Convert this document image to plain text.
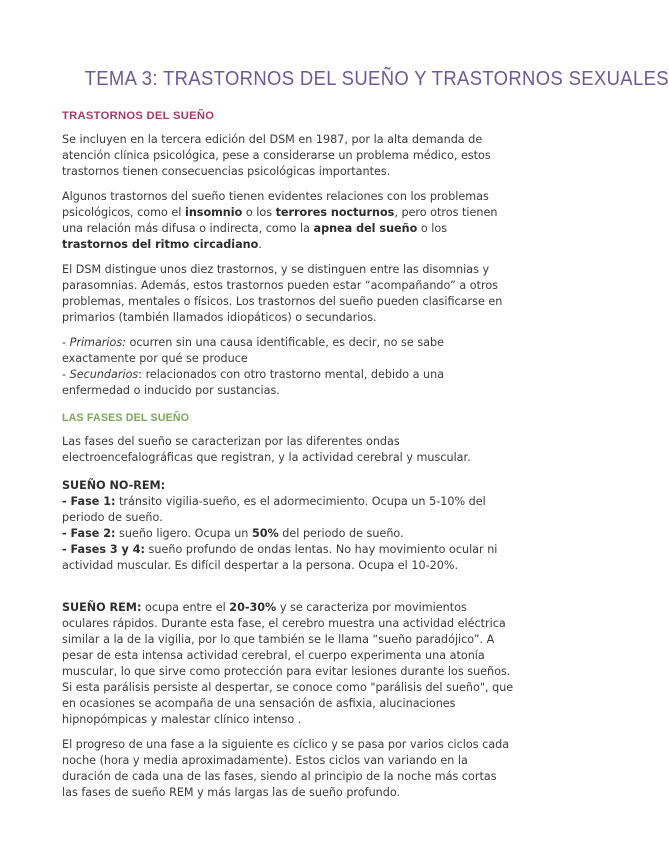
TEMA 3: TRASTORNOS DEL SUEÑO Y TRASTORNOS SEXUALES
TRASTORNOS DEL SUEÑO

Se incluyen en la tercera edición del DSM en 1987, por la alta demanda de atención clínica psicológica, pese a considerarse un problema médico, estos trastornos tienen consecuencias psicológicas importantes.

Algunos trastornos del sueño tienen evidentes relaciones con los problemas psicológicos, como el insomnio o los terrores nocturnos, pero otros tienen una relación más difusa o indirecta, como la apnea del sueño o los trastornos del ritmo circadiano.

El DSM distingue unos diez trastornos, y se distinguen entre las disomnias y parasomnias. Además, estos trastornos pueden estar “acompañando” a otros problemas, mentales o físicos. Los trastornos del sueño pueden clasificarse en primarios (también llamados idiopáticos) o secundarios.

- Primarios: ocurren sin una causa identificable, es decir, no se sabe exactamente por qué se produce

- Secundarios: relacionados con otro trastorno mental, debido a una enfermedad o inducido por sustancias.

LAS FASES DEL SUEÑO

Las fases del sueño se caracterizan por las diferentes ondas electroencefalográficas que registran, y la actividad cerebral y muscular.

SUEÑO NO-REM:

- Fase 1: tránsito vigilia-sueño, es el adormecimiento. Ocupa un 5-10% del periodo de sueño.

- Fase 2: sueño ligero. Ocupa un 50% del periodo de sueño.

- Fases 3 y 4: sueño profundo de ondas lentas. No hay movimiento ocular ni actividad muscular. Es difícil despertar a la persona. Ocupa el 10-20%.

SUEÑO REM: ocupa entre el 20-30% y se caracteriza por movimientos oculares rápidos. Durante esta fase, el cerebro muestra una actividad eléctrica similar a la de la vigilia, por lo que también se le llama “sueño paradójico”. A pesar de esta intensa actividad cerebral, el cuerpo experimenta una atonía muscular, lo que sirve como protección para evitar lesiones durante los sueños.

Si esta parálisis persiste al despertar, se conoce como "parálisis del sueño", que en ocasiones se acompaña de una sensación de asfixia, alucinaciones hipnopómpicas y malestar clínico intenso .

El progreso de una fase a la siguiente es cíclico y se pasa por varios ciclos cada noche (hora y media aproximadamente). Estos ciclos van variando en la duración de cada una de las fases, siendo al principio de la noche más cortas las fases de sueño REM y más largas las de sueño profundo.
